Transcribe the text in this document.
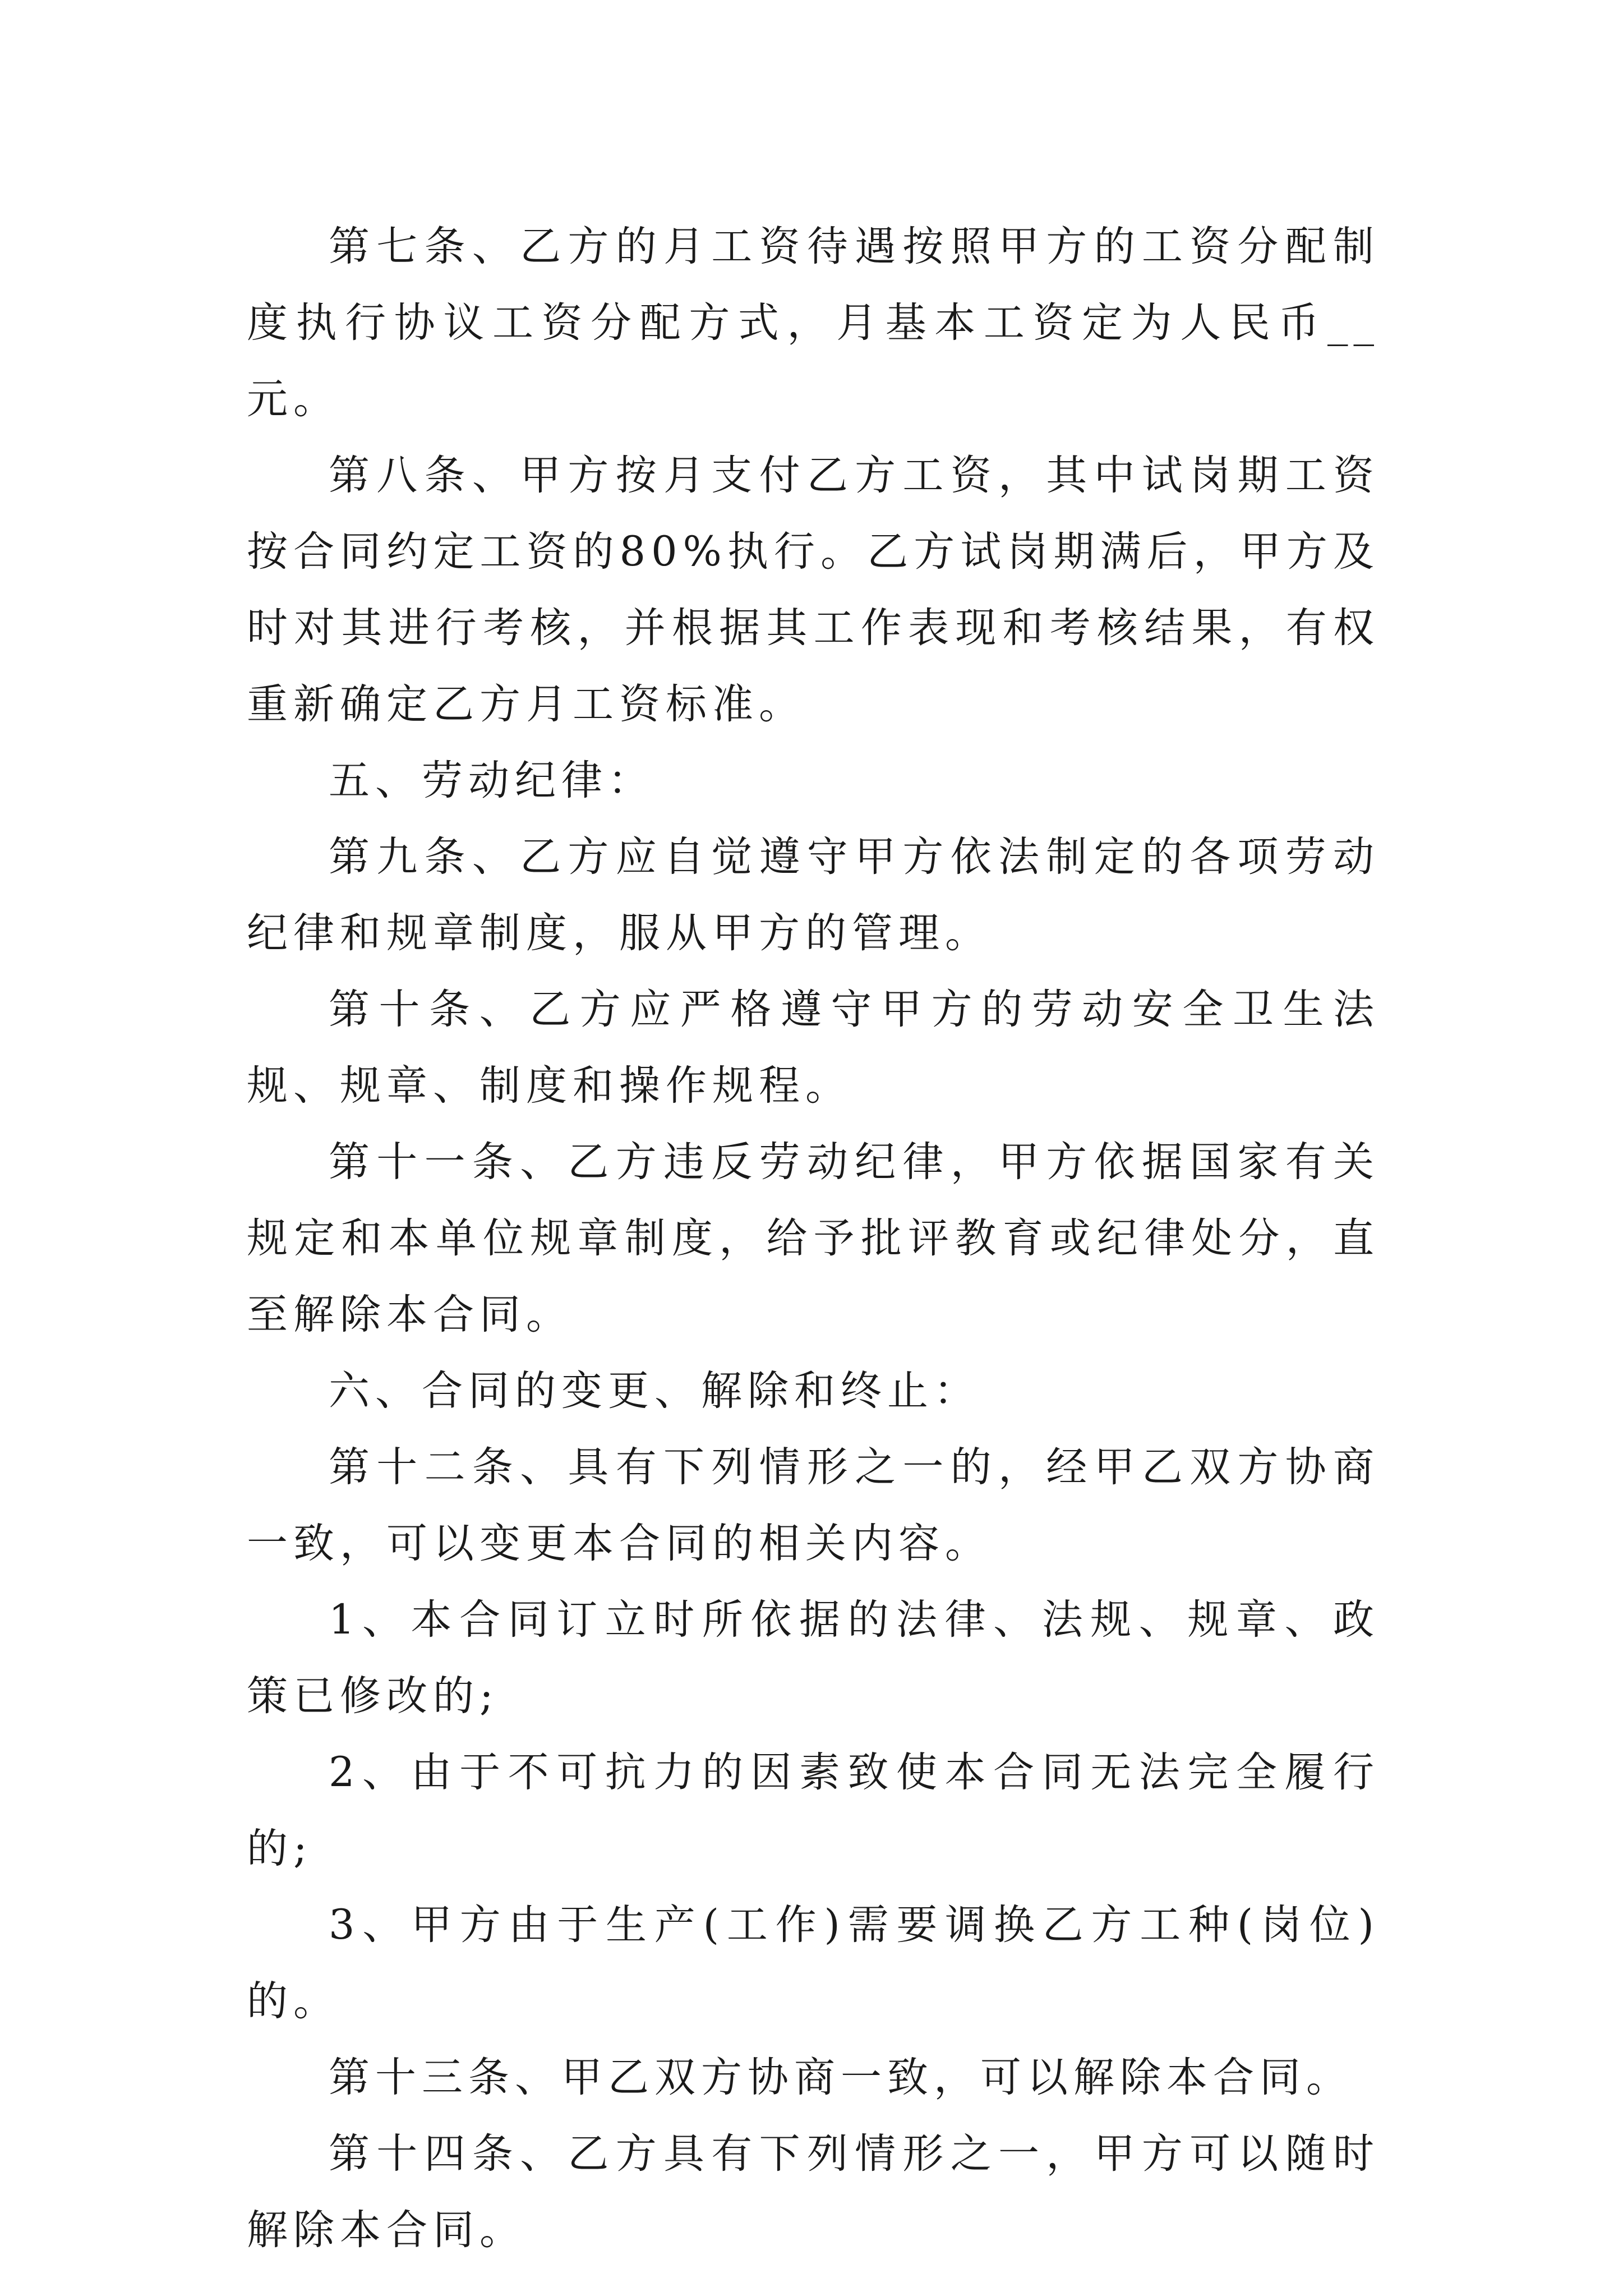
第七条、乙方的月工资待遇按照甲方的工资分配制度执行协议工资分配方式，月基本工资定为人民币__元。

第八条、甲方按月支付乙方工资，其中试岗期工资按合同约定工资的80%执行。乙方试岗期满后，甲方及时对其进行考核，并根据其工作表现和考核结果，有权重新确定乙方月工资标准。

五、劳动纪律：

第九条、乙方应自觉遵守甲方依法制定的各项劳动纪律和规章制度，服从甲方的管理。

第十条、乙方应严格遵守甲方的劳动安全卫生法规、规章、制度和操作规程。

第十一条、乙方违反劳动纪律，甲方依据国家有关规定和本单位规章制度，给予批评教育或纪律处分，直至解除本合同。

六、合同的变更、解除和终止：

第十二条、具有下列情形之一的，经甲乙双方协商一致，可以变更本合同的相关内容。

1、本合同订立时所依据的法律、法规、规章、政策已修改的;

2、由于不可抗力的因素致使本合同无法完全履行的;

3、甲方由于生产(工作)需要调换乙方工种(岗位)的。

第十三条、甲乙双方协商一致，可以解除本合同。

第十四条、乙方具有下列情形之一，甲方可以随时解除本合同。
